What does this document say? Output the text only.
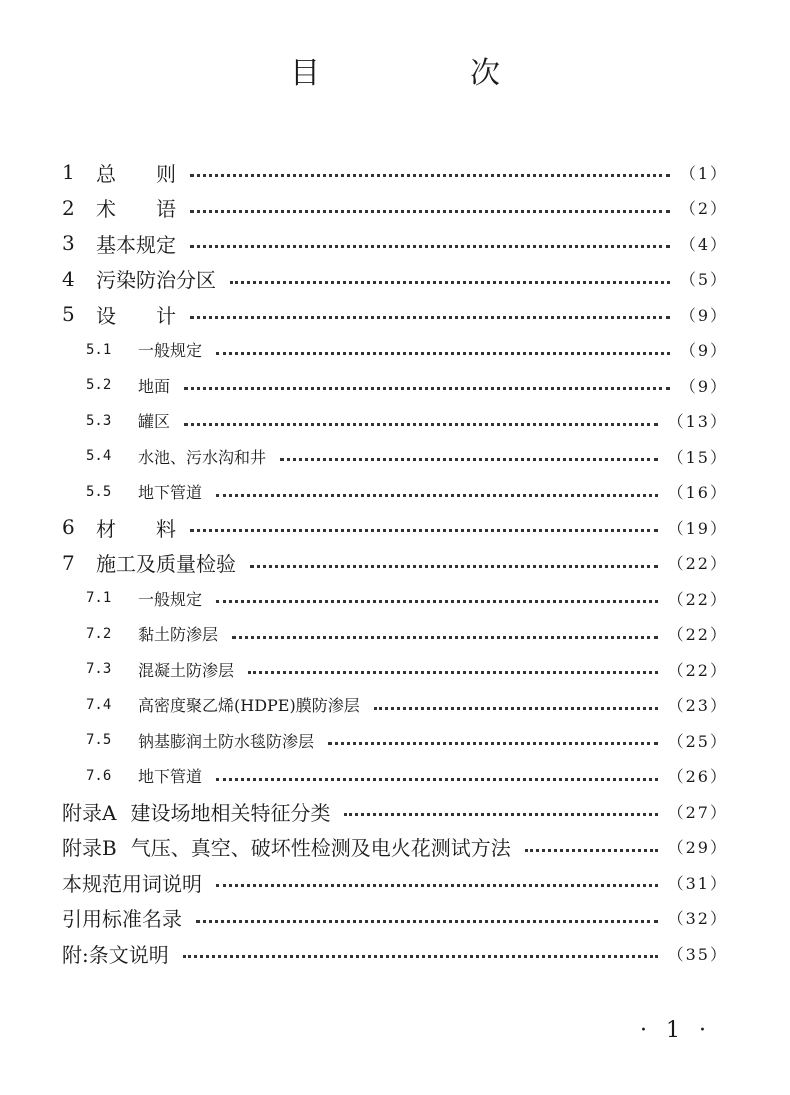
目　次
1	总　　则	（1）
2	术　　语	（2）
3	基本规定	（4）
4	污染防治分区	（5）
5	设　　计	（9）
5.1	一般规定	（9）
5.2	地面	（9）
5.3	罐区	（13）
5.4	水池、污水沟和井	（15）
5.5	地下管道	（16）
6	材　　料	（19）
7	施工及质量检验	（22）
7.1	一般规定	（22）
7.2	黏土防渗层	（22）
7.3	混凝土防渗层	（22）
7.4	高密度聚乙烯(HDPE)膜防渗层	（23）
7.5	钠基膨润土防水毯防渗层	（25）
7.6	地下管道	（26）
附录A 建设场地相关特征分类	（27）
附录B 气压、真空、破坏性检测及电火花测试方法	（29）
本规范用词说明	（31）
引用标准名录	（32）
附:条文说明	（35）
· 1 ·
